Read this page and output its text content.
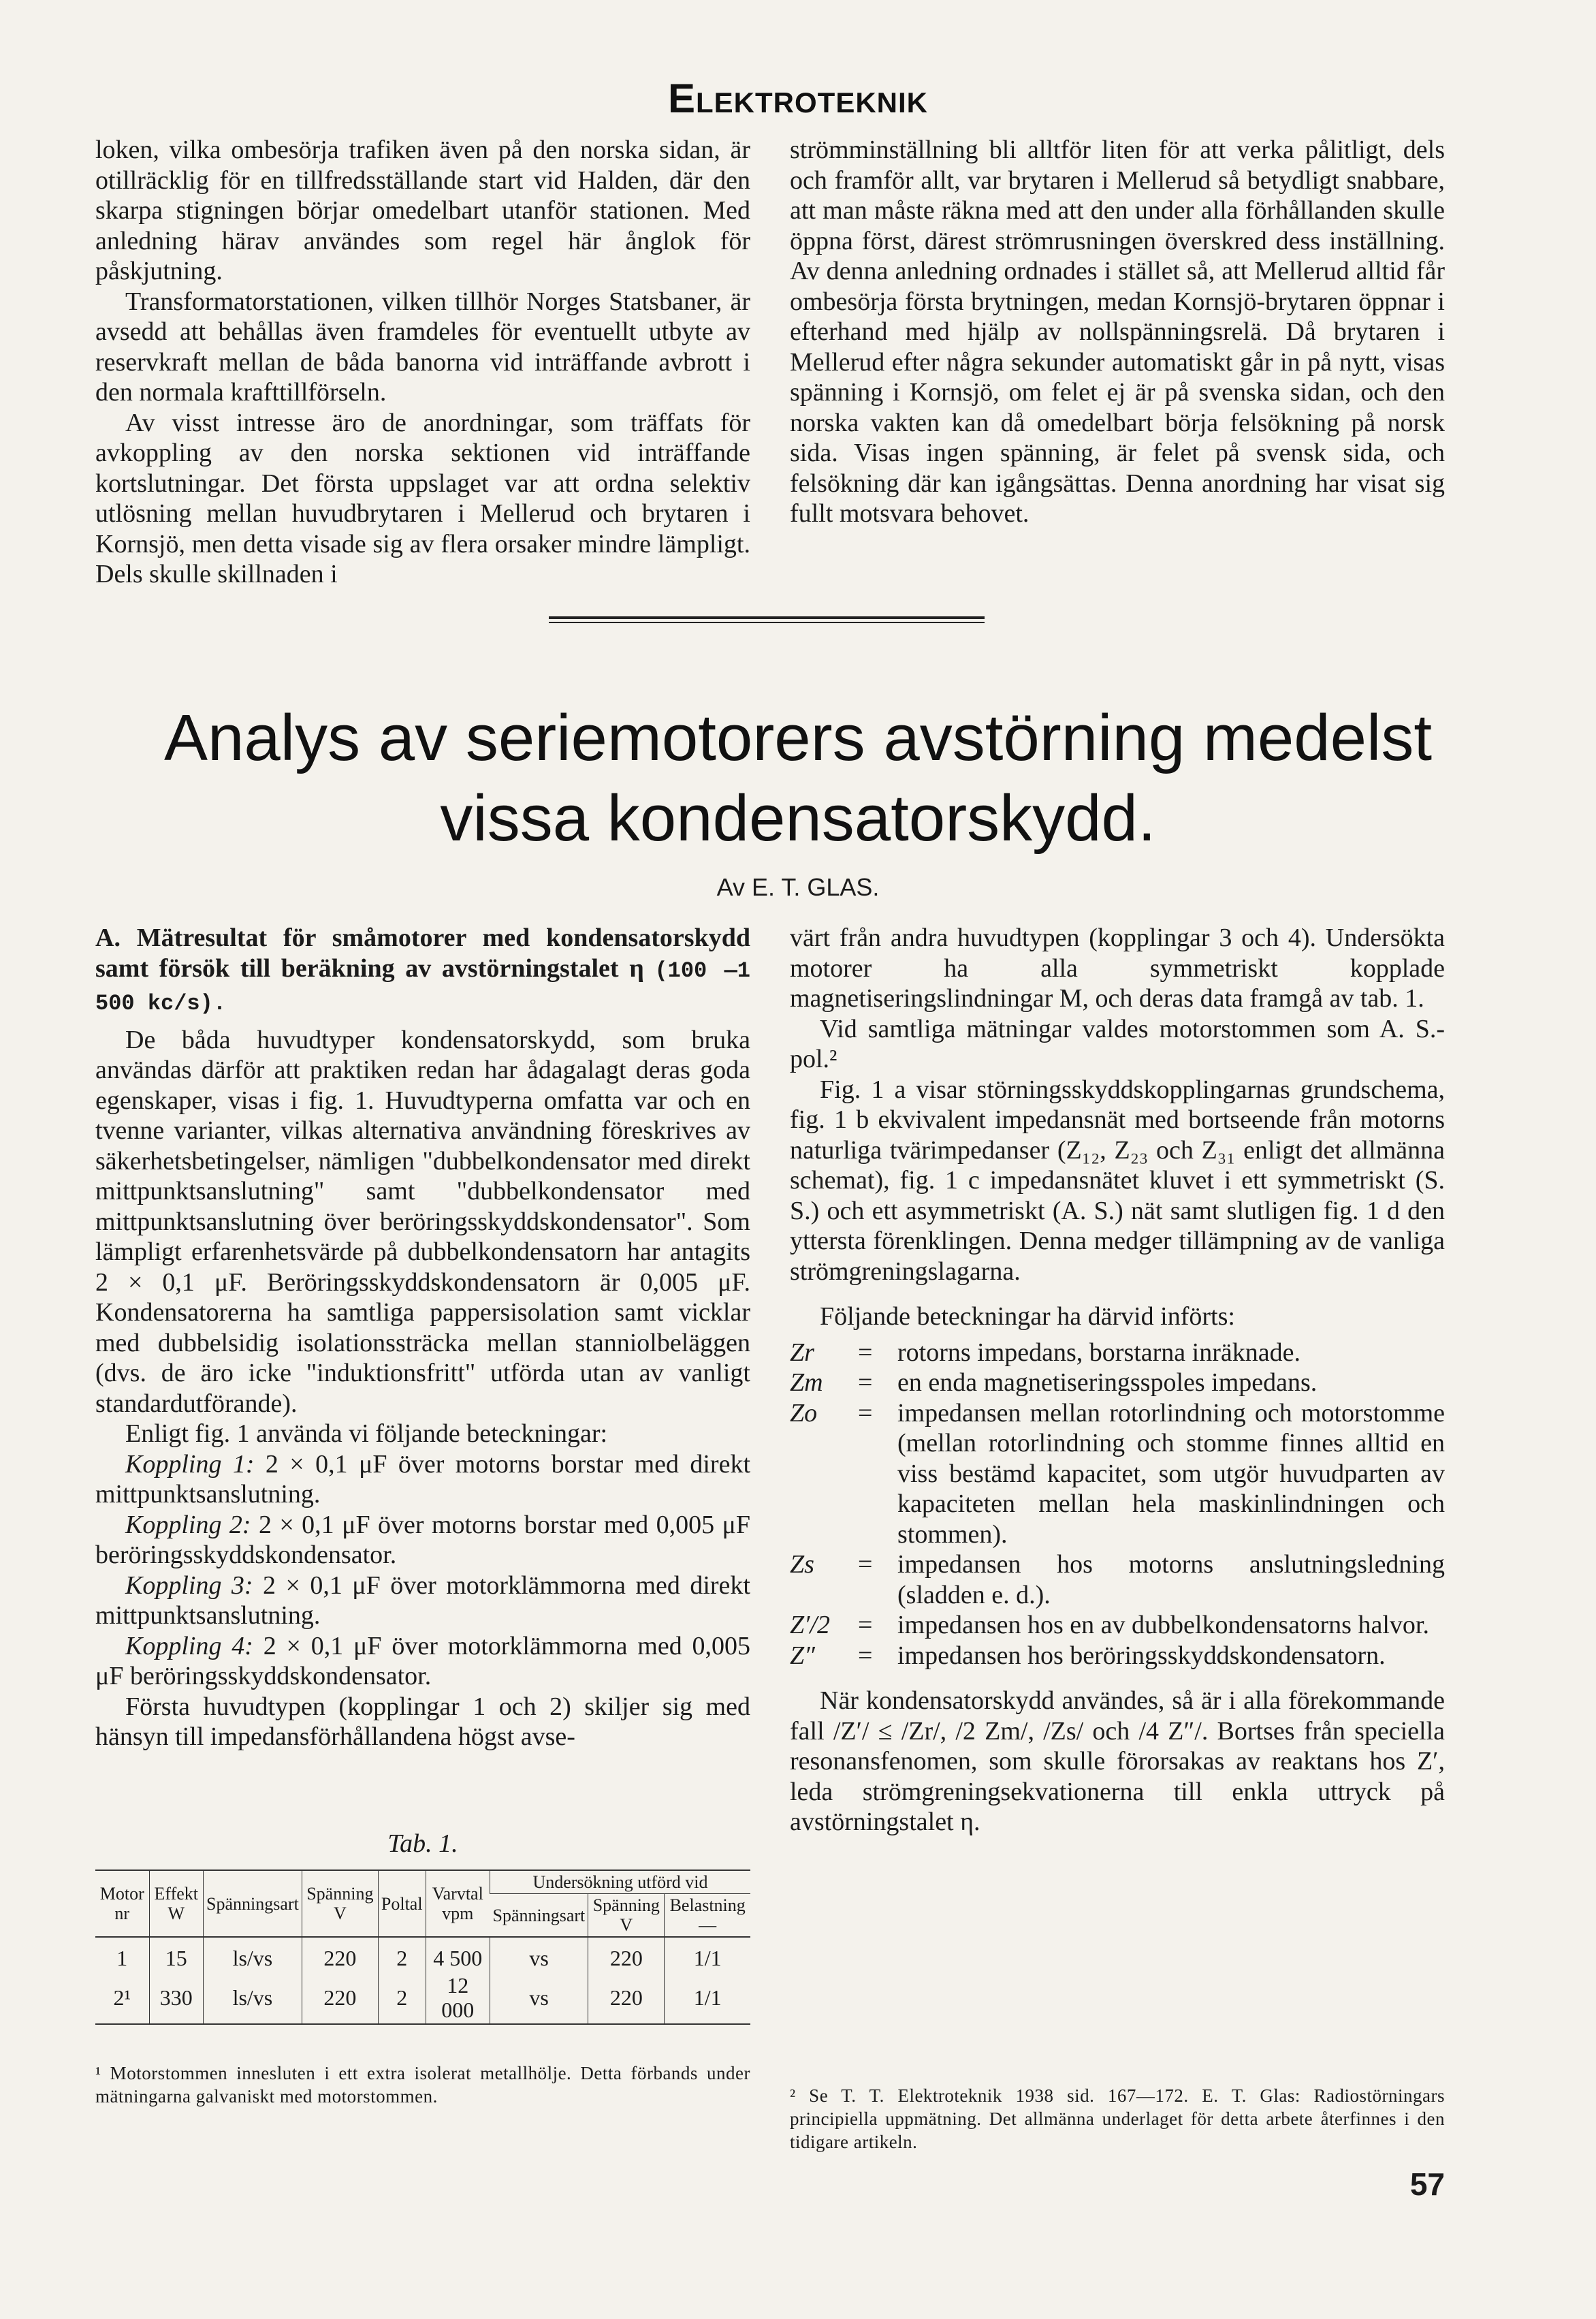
Elektroteknik

loken, vilka ombesörja trafiken även på den norska sidan, är otillräcklig för en tillfredsställande start vid Halden, där den skarpa stigningen börjar omedelbart utanför stationen. Med anledning härav användes som regel här ånglok för påskjutning.

Transformatorstationen, vilken tillhör Norges Statsbaner, är avsedd att behållas även framdeles för eventuellt utbyte av reservkraft mellan de båda banorna vid inträffande avbrott i den normala krafttillförseln.

Av visst intresse äro de anordningar, som träffats för avkoppling av den norska sektionen vid inträffande kortslutningar. Det första uppslaget var att ordna selektiv utlösning mellan huvudbrytaren i Mellerud och brytaren i Kornsjö, men detta visade sig av flera orsaker mindre lämpligt. Dels skulle skillnaden i

strömminställning bli alltför liten för att verka pålitligt, dels och framför allt, var brytaren i Mellerud så betydligt snabbare, att man måste räkna med att den under alla förhållanden skulle öppna först, därest strömrusningen överskred dess inställning. Av denna anledning ordnades i stället så, att Mellerud alltid får ombesörja första brytningen, medan Kornsjö-brytaren öppnar i efterhand med hjälp av nollspänningsrelä. Då brytaren i Mellerud efter några sekunder automatiskt går in på nytt, visas spänning i Kornsjö, om felet ej är på svenska sidan, och den norska vakten kan då omedelbart börja felsökning på norsk sida. Visas ingen spänning, är felet på svensk sida, och felsökning där kan igångsättas. Denna anordning har visat sig fullt motsvara behovet.

Analys av seriemotorers avstörning medelst
vissa kondensatorskydd.
Av E. T. GLAS.

A. Mätresultat för småmotorer med kondensatorskydd samt försök till beräkning av avstörningstalet η (100 —1 500 kc/s).

De båda huvudtyper kondensatorskydd, som bruka användas därför att praktiken redan har ådagalagt deras goda egenskaper, visas i fig. 1. Huvudtyperna omfatta var och en tvenne varianter, vilkas alternativa användning föreskrives av säkerhetsbetingelser, nämligen "dubbelkondensator med direkt mittpunktsanslutning" samt "dubbelkondensator med mittpunktsanslutning över beröringsskyddskondensator". Som lämpligt erfarenhetsvärde på dubbelkondensatorn har antagits 2 × 0,1 μF. Beröringsskyddskondensatorn är 0,005 μF. Kondensatorerna ha samtliga pappersisolation samt vicklar med dubbelsidig isolationssträcka mellan stanniolbeläggen (dvs. de äro icke "induktionsfritt" utförda utan av vanligt standardutförande).

Enligt fig. 1 använda vi följande beteckningar:

Koppling 1: 2 × 0,1 μF över motorns borstar med direkt mittpunktsanslutning.

Koppling 2: 2 × 0,1 μF över motorns borstar med 0,005 μF beröringsskyddskondensator.

Koppling 3: 2 × 0,1 μF över motorklämmorna med direkt mittpunktsanslutning.

Koppling 4: 2 × 0,1 μF över motorklämmorna med 0,005 μF beröringsskyddskondensator.

Första huvudtypen (kopplingar 1 och 2) skiljer sig med hänsyn till impedansförhållandena högst avse-

Tab. 1.
Motor nr	Effekt W	Spänningsart	Spänning V	Poltal	Varvtal vpm	Undersökning utförd vid		
						Spänningsart	Spänning V	Belastning —
1	15	ls/vs	220	2	4 500	vs	220	1/1
2¹	330	ls/vs	220	2	12 000	vs	220	1/1
¹ Motorstommen innesluten i ett extra isolerat metallhölje. Detta förbands under mätningarna galvaniskt med motorstommen.

värt från andra huvudtypen (kopplingar 3 och 4). Undersökta motorer ha alla symmetriskt kopplade magnetiseringslindningar M, och deras data framgå av tab. 1.

Vid samtliga mätningar valdes motorstommen som A. S.-pol.²

Fig. 1 a visar störningsskyddskopplingarnas grundschema, fig. 1 b ekvivalent impedansnät med bortseende från motorns naturliga tvärimpedanser (Z₁₂, Z₂₃ och Z₃₁ enligt det allmänna schemat), fig. 1 c impedansnätet kluvet i ett symmetriskt (S. S.) och ett asymmetriskt (A. S.) nät samt slutligen fig. 1 d den yttersta förenklingen. Denna medger tillämpning av de vanliga strömgreningslagarna.

Följande beteckningar ha därvid införts:

Zr	= rotorns impedans, borstarna inräknade.
Zm	= en enda magnetiseringsspoles impedans.
Zo	= impedansen mellan rotorlindning och motorstomme (mellan rotorlindning och stomme finnes alltid en viss bestämd kapacitet, som utgör huvudparten av kapaciteten mellan hela maskinlindningen och stommen).
Zs	= impedansen hos motorns anslutningsledning (sladden e. d.).
Z′/2	= impedansen hos en av dubbelkondensatorns halvor.
Z″	= impedansen hos beröringsskyddskondensatorn.

När kondensatorskydd användes, så är i alla förekommande fall /Z′/ ≤ /Zr/, /2 Zm/, /Zs/ och /4 Z″/. Bortses från speciella resonansfenomen, som skulle förorsakas av reaktans hos Z′, leda strömgreningsekvationerna till enkla uttryck på avstörningstalet η.

² Se T. T. Elektroteknik 1938 sid. 167—172. E. T. Glas: Radiostörningars principiella uppmätning. Det allmänna underlaget för detta arbete återfinnes i den tidigare artikeln.
57
